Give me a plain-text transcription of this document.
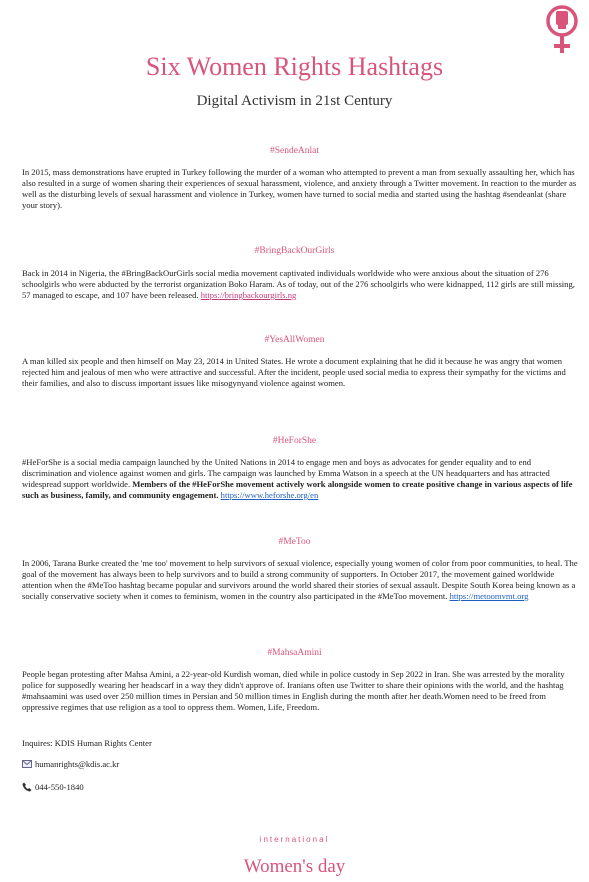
Six Women Rights Hashtags
Digital Activism in 21st Century
#SendeAnlat
In 2015, mass demonstrations have erupted in Turkey following the murder of a woman who attempted to prevent a man from sexually assaulting her, which has also resulted in a surge of women sharing their experiences of sexual harassment, violence, and anxiety through a Twitter movement. In reaction to the murder as well as the disturbing levels of sexual harassment and violence in Turkey, women have turned to social media and started using the hashtag #sendeanlat (share your story).
#BringBackOurGirls
Back in 2014 in Nigeria, the #BringBackOurGirls social media movement captivated individuals worldwide who were anxious about the situation of 276 schoolgirls who were abducted by the terrorist organization Boko Haram. As of today, out of the 276 schoolgirls who were kidnapped, 112 girls are still missing, 57 managed to escape, and 107 have been released. https://bringbackourgirls.ng
#YesAllWomen
A man killed six people and then himself on May 23, 2014 in United States. He wrote a document explaining that he did it because he was angry that women rejected him and jealous of men who were attractive and successful. After the incident, people used social media to express their sympathy for the victims and their families, and also to discuss important issues like misogynyand violence against women.
#HeForShe
#HeForShe is a social media campaign launched by the United Nations in 2014 to engage men and boys as advocates for gender equality and to end discrimination and violence against women and girls. The campaign was launched by Emma Watson in a speech at the UN headquarters and has attracted widespread support worldwide. Members of the #HeForShe movement actively work alongside women to create positive change in various aspects of life such as business, family, and community engagement. https://www.heforshe.org/en
#MeToo
In 2006, Tarana Burke created the 'me too' movement to help survivors of sexual violence, especially young women of color from poor communities, to heal. The goal of the movement has always been to help survivors and to build a strong community of supporters. In October 2017, the movement gained worldwide attention when the #MeToo hashtag became popular and survivors around the world shared their stories of sexual assault. Despite South Korea being known as a socially conservative society when it comes to feminism, women in the country also participated in the #MeToo movement. https://metoomvmt.org
#MahsaAmini
People began protesting after Mahsa Amini, a 22-year-old Kurdish woman, died while in police custody in Sep 2022 in Iran. She was arrested by the morality police for supposedly wearing her headscarf in a way they didn't approve of. Iranians often use Twitter to share their opinions with the world, and the hashtag #mahsaamini was used over 250 million times in Persian and 50 million times in English during the month after her death.Women need to be freed from oppressive regimes that use religion as a tool to oppress them. Women, Life, Freedom.
Inquires: KDIS Human Rights Center
humanrights@kdis.ac.kr
044-550-1840
international
Women's day
